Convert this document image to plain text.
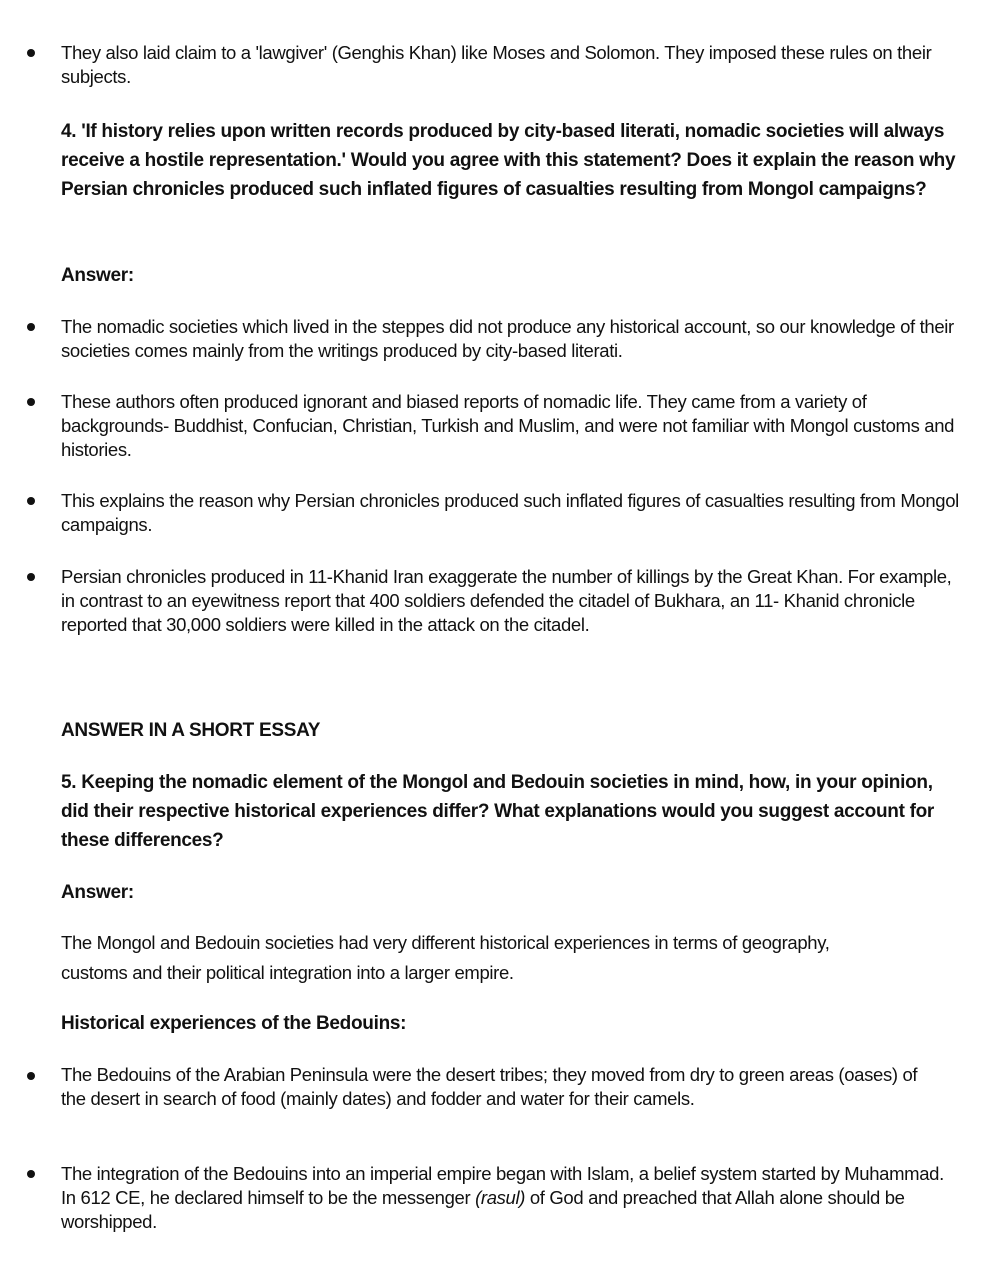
They also laid claim to a 'lawgiver' (Genghis Khan) like Moses and Solomon. They imposed these rules on their subjects.
4. 'If history relies upon written records produced by city-based literati, nomadic societies will always receive a hostile representation.' Would you agree with this statement? Does it explain the reason why Persian chronicles produced such inflated figures of casualties resulting from Mongol campaigns?
Answer:
The nomadic societies which lived in the steppes did not produce any historical account, so our knowledge of their societies comes mainly from the writings produced by city-based literati.
These authors often produced ignorant and biased reports of nomadic life. They came from a variety of backgrounds- Buddhist, Confucian, Christian, Turkish and Muslim, and were not familiar with Mongol customs and histories.
This explains the reason why Persian chronicles produced such inflated figures of casualties resulting from Mongol campaigns.
Persian chronicles produced in 11-Khanid Iran exaggerate the number of killings by the Great Khan. For example, in contrast to an eyewitness report that 400 soldiers defended the citadel of Bukhara, an 11- Khanid chronicle reported that 30,000 soldiers were killed in the attack on the citadel.
ANSWER IN A SHORT ESSAY
5. Keeping the nomadic element of the Mongol and Bedouin societies in mind, how, in your opinion, did their respective historical experiences differ? What explanations would you suggest account for these differences?
Answer:
The Mongol and Bedouin societies had very different historical experiences in terms of geography, customs and their political integration into a larger empire.
Historical experiences of the Bedouins:
The Bedouins of the Arabian Peninsula were the desert tribes; they moved from dry to green areas (oases) of the desert in search of food (mainly dates) and fodder and water for their camels.
The integration of the Bedouins into an imperial empire began with Islam, a belief system started by Muhammad. In 612 CE, he declared himself to be the messenger (rasul) of God and preached that Allah alone should be worshipped.
